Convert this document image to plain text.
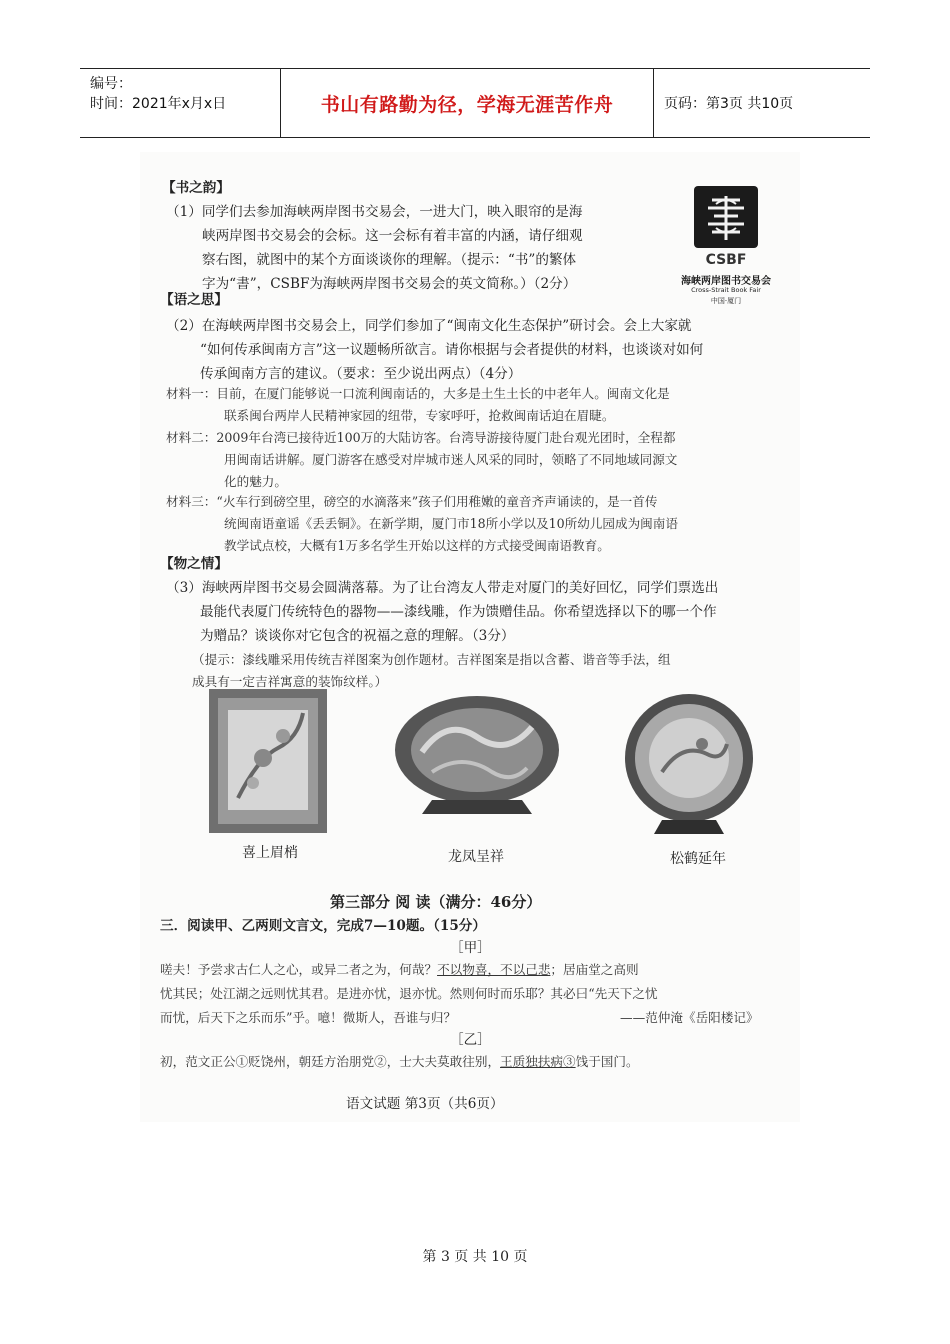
编号：
时间：2021年x月x日	书山有路勤为径，学海无涯苦作舟	页码：第3页 共10页
【书之韵】
（1）同学们去参加海峡两岸图书交易会，一进大门，映入眼帘的是海
峡两岸图书交易会的会标。这一会标有着丰富的内涵，请仔细观
察右图，就图中的某个方面谈谈你的理解。（提示：“书”的繁体
字为“書”，CSBF为海峡两岸图书交易会的英文简称。）（2分）
CSBF
海峡两岸图书交易会
Cross-Strait Book Fair
中国·厦门
【语之思】
（2）在海峡两岸图书交易会上，同学们参加了“闽南文化生态保护”研讨会。会上大家就
“如何传承闽南方言”这一议题畅所欲言。请你根据与会者提供的材料，也谈谈对如何
传承闽南方言的建议。（要求：至少说出两点）（4分）
材料一：目前，在厦门能够说一口流利闽南话的，大多是土生土长的中老年人。闽南文化是
联系闽台两岸人民精神家园的纽带，专家呼吁，抢救闽南话迫在眉睫。
材料二：2009年台湾已接待近100万的大陆访客。台湾导游接待厦门赴台观光团时，全程都
用闽南话讲解。厦门游客在感受对岸城市迷人风采的同时，领略了不同地域同源文
化的魅力。
材料三：“火车行到磅空里，磅空的水滴落来”孩子们用稚嫩的童音齐声诵读的，是一首传
统闽南语童谣《丢丢铜》。在新学期，厦门市18所小学以及10所幼儿园成为闽南语
教学试点校，大概有1万多名学生开始以这样的方式接受闽南语教育。
【物之情】
（3）海峡两岸图书交易会圆满落幕。为了让台湾友人带走对厦门的美好回忆，同学们票选出
最能代表厦门传统特色的器物——漆线雕，作为馈赠佳品。你希望选择以下的哪一个作
为赠品？谈谈你对它包含的祝福之意的理解。（3分）
（提示：漆线雕采用传统吉祥图案为创作题材。吉祥图案是指以含蓄、谐音等手法，组
成具有一定吉祥寓意的装饰纹样。）
喜上眉梢	龙凤呈祥	松鹤延年
第三部分 阅 读（满分：46分）
三．阅读甲、乙两则文言文，完成7—10题。（15分）
［甲］
嗟夫！予尝求古仁人之心，或异二者之为，何哉？不以物喜，不以己悲；居庙堂之高则
忧其民；处江湖之远则忧其君。是进亦忧，退亦忧。然则何时而乐耶？其必曰“先天下之忧
而忧，后天下之乐而乐”乎。噫！微斯人，吾谁与归？	——范仲淹《岳阳楼记》
［乙］
初，范文正公①贬饶州，朝廷方治朋党②，士大夫莫敢往别，王质独扶病③饯于国门。
语文试题 第3页（共6页）
第 3 页 共 10 页
